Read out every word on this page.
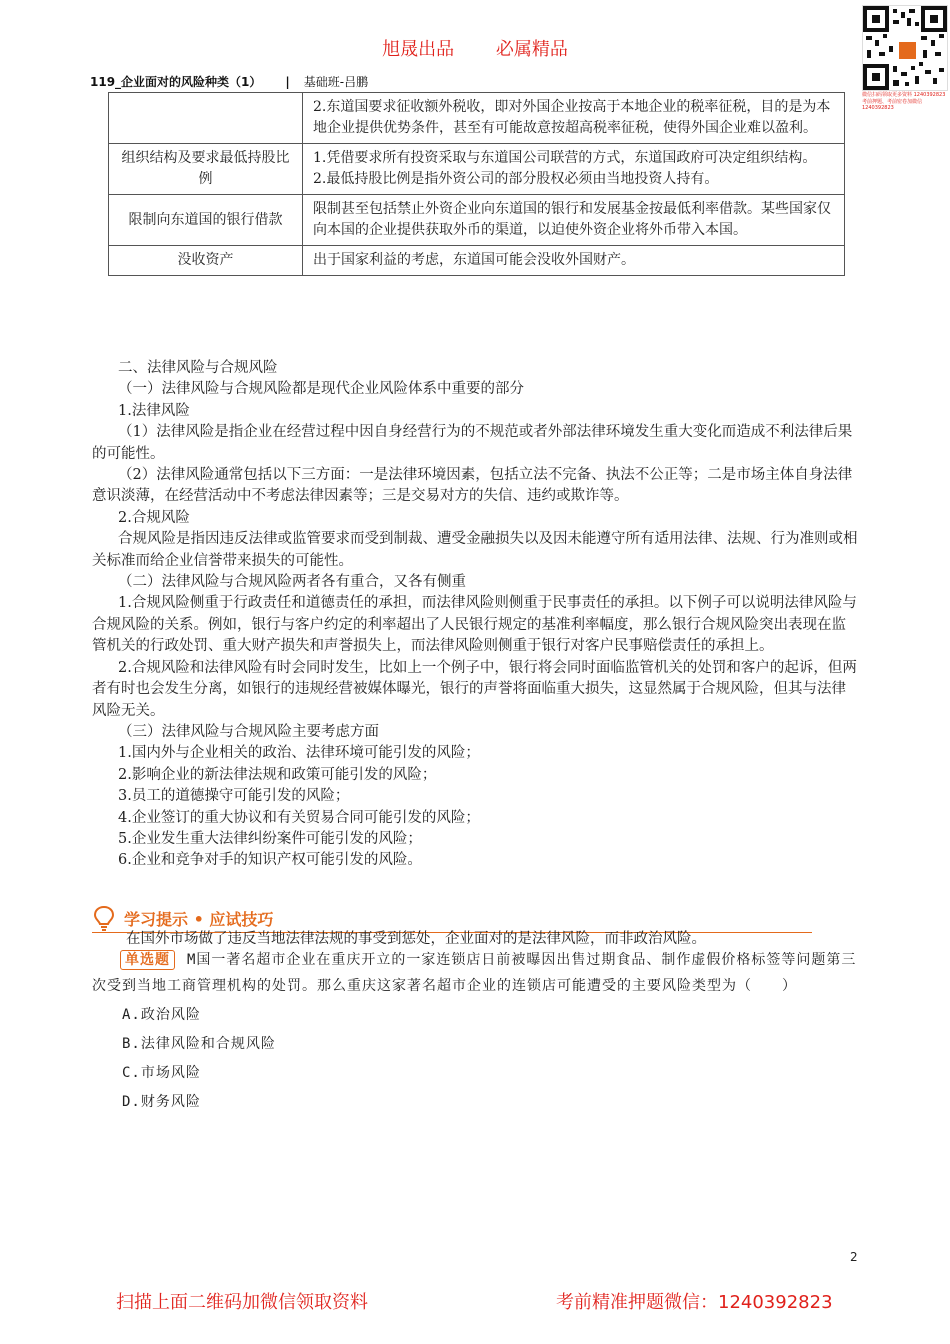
旭晟出品 必属精品
微信扫码领取更多资料 1240392823
考前押题、考前密卷加微信 1240392823
119_企业面对的风险种类（1） | 基础班-吕鹏
	2.东道国要求征收额外税收，即对外国企业按高于本地企业的税率征税，目的是为本地企业提供优势条件，甚至有可能故意按超高税率征税，使得外国企业难以盈利。
组织结构及要求最低持股比例	1.凭借要求所有投资采取与东道国公司联营的方式，东道国政府可决定组织结构。
2.最低持股比例是指外资公司的部分股权必须由当地投资人持有。

限制向东道国的银行借款	限制甚至包括禁止外资企业向东道国的银行和发展基金按最低利率借款。某些国家仅向本国的企业提供获取外币的渠道，以迫使外资企业将外币带入本国。
没收资产	出于国家利益的考虑，东道国可能会没收外国财产。

二、法律风险与合规风险

（一）法律风险与合规风险都是现代企业风险体系中重要的部分

1.法律风险

（1）法律风险是指企业在经营过程中因自身经营行为的不规范或者外部法律环境发生重大变化而造成不利法律后果的可能性。

（2）法律风险通常包括以下三方面：一是法律环境因素，包括立法不完备、执法不公正等；二是市场主体自身法律意识淡薄，在经营活动中不考虑法律因素等；三是交易对方的失信、违约或欺诈等。

2.合规风险

合规风险是指因违反法律或监管要求而受到制裁、遭受金融损失以及因未能遵守所有适用法律、法规、行为准则或相关标准而给企业信誉带来损失的可能性。

（二）法律风险与合规风险两者各有重合，又各有侧重

1.合规风险侧重于行政责任和道德责任的承担，而法律风险则侧重于民事责任的承担。以下例子可以说明法律风险与合规风险的关系。例如，银行与客户约定的利率超出了人民银行规定的基准利率幅度，那么银行合规风险突出表现在监管机关的行政处罚、重大财产损失和声誉损失上，而法律风险则侧重于银行对客户民事赔偿责任的承担上。

2.合规风险和法律风险有时会同时发生，比如上一个例子中，银行将会同时面临监管机关的处罚和客户的起诉，但两者有时也会发生分离，如银行的违规经营被媒体曝光，银行的声誉将面临重大损失，这显然属于合规风险，但其与法律风险无关。

（三）法律风险与合规风险主要考虑方面

1.国内外与企业相关的政治、法律环境可能引发的风险；

2.影响企业的新法律法规和政策可能引发的风险；

3.员工的道德操守可能引发的风险；

4.企业签订的重大协议和有关贸易合同可能引发的风险；

5.企业发生重大法律纠纷案件可能引发的风险；

6.企业和竞争对手的知识产权可能引发的风险。

学习提示 • 应试技巧
在国外市场做了违反当地法律法规的事受到惩处，企业面对的是法律风险，而非政治风险。

单选题 M国一著名超市企业在重庆开立的一家连锁店日前被曝因出售过期食品、制作虚假价格标签等问题第三次受到当地工商管理机构的处罚。那么重庆这家著名超市企业的连锁店可能遭受的主要风险类型为（　　）

A.政治风险

B.法律风险和合规风险

C.市场风险

D.财务风险

2
扫描上面二维码加微信领取资料	考前精准押题微信：1240392823
